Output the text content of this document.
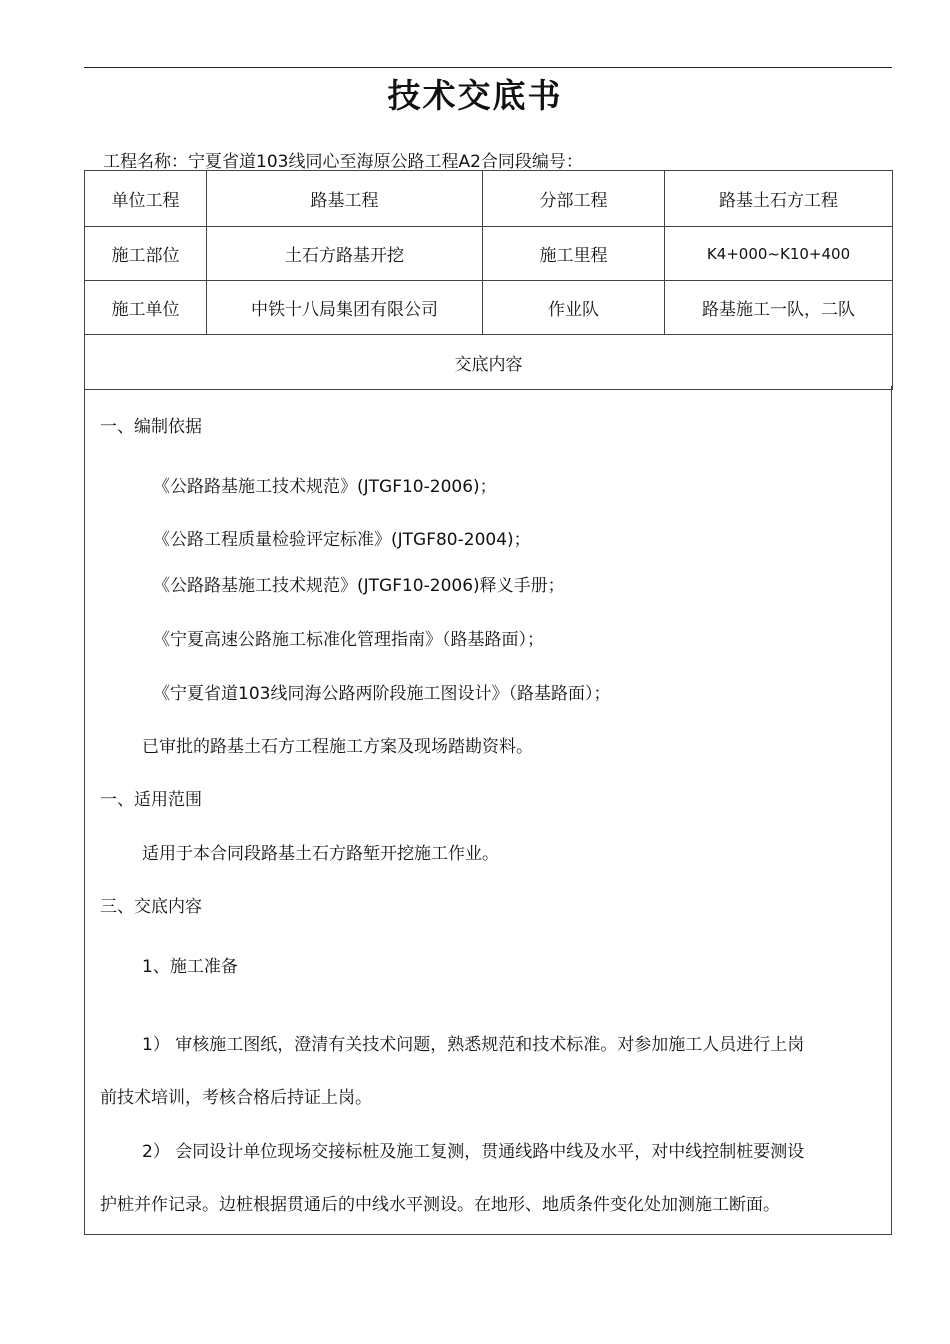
技术交底书
工程名称：宁夏省道103线同心至海原公路工程A2合同段编号：
单位工程	路基工程	分部工程	路基土石方工程
施工部位	土石方路基开挖	施工里程	K4+000~K10+400
施工单位	中铁十八局集团有限公司	作业队	路基施工一队，二队
交底内容			
一、编制依据
《公路路基施工技术规范》(JTGF10-2006)；
《公路工程质量检验评定标准》(JTGF80-2004)；
《公路路基施工技术规范》(JTGF10-2006)释义手册；
《宁夏高速公路施工标准化管理指南》（路基路面）；
《宁夏省道103线同海公路两阶段施工图设计》（路基路面）；
已审批的路基土石方工程施工方案及现场踏勘资料。
一、适用范围
适用于本合同段路基土石方路堑开挖施工作业。
三、交底内容
1、施工准备
1） 审核施工图纸，澄清有关技术问题，熟悉规范和技术标准。对参加施工人员进行上岗
前技术培训，考核合格后持证上岗。
2） 会同设计单位现场交接标桩及施工复测，贯通线路中线及水平，对中线控制桩要测设
护桩并作记录。边桩根据贯通后的中线水平测设。在地形、地质条件变化处加测施工断面。
